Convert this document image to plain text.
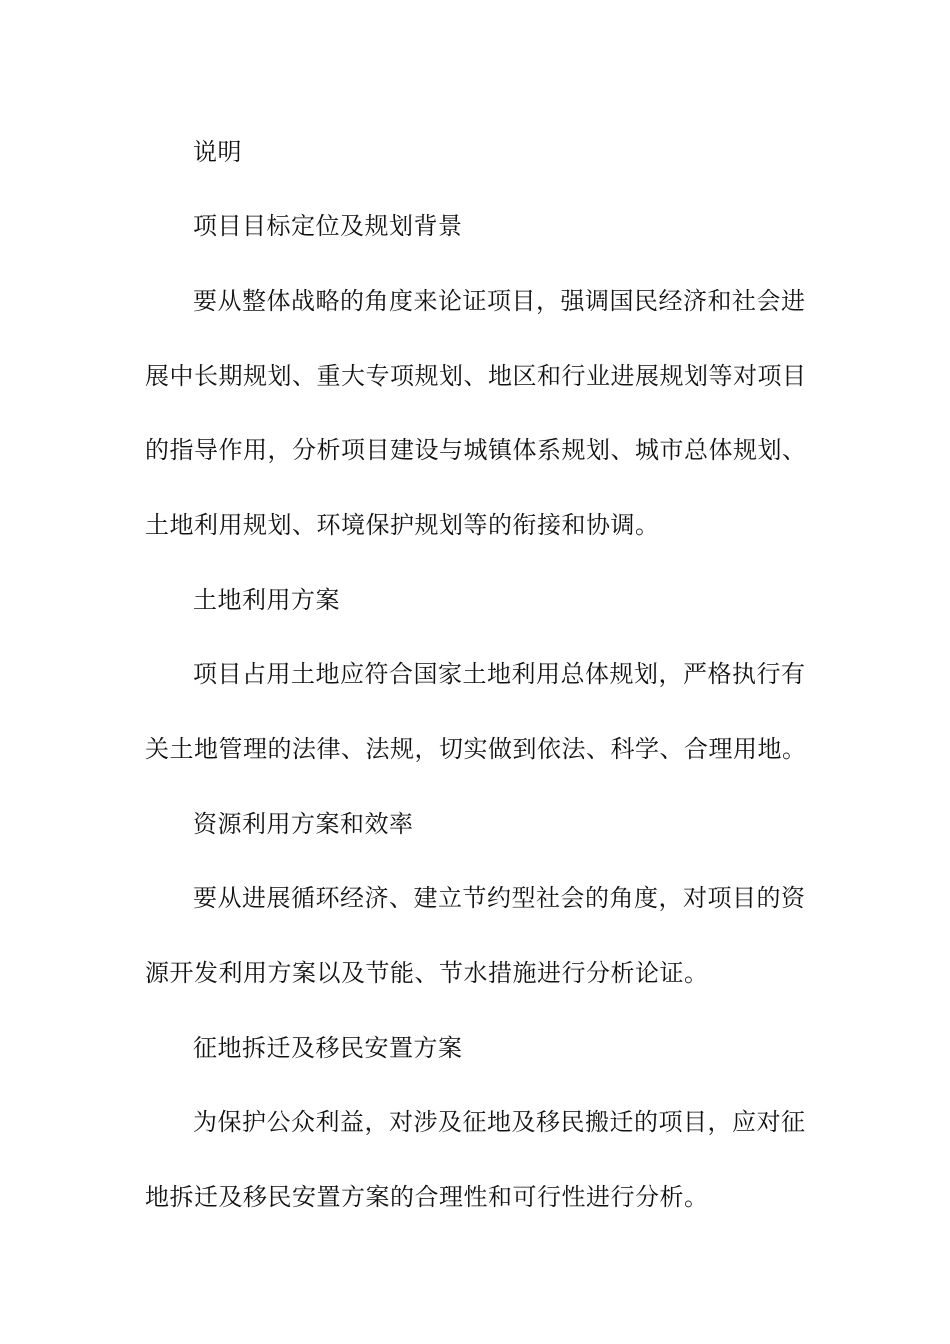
说明
项目目标定位及规划背景
要从整体战略的角度来论证项目，强调国民经济和社会进
展中长期规划、重大专项规划、地区和行业进展规划等对项目
的指导作用，分析项目建设与城镇体系规划、城市总体规划、
土地利用规划、环境保护规划等的衔接和协调。
土地利用方案
项目占用土地应符合国家土地利用总体规划，严格执行有
关土地管理的法律、法规，切实做到依法、科学、合理用地。
资源利用方案和效率
要从进展循环经济、建立节约型社会的角度，对项目的资
源开发利用方案以及节能、节水措施进行分析论证。
征地拆迁及移民安置方案
为保护公众利益，对涉及征地及移民搬迁的项目，应对征
地拆迁及移民安置方案的合理性和可行性进行分析。
